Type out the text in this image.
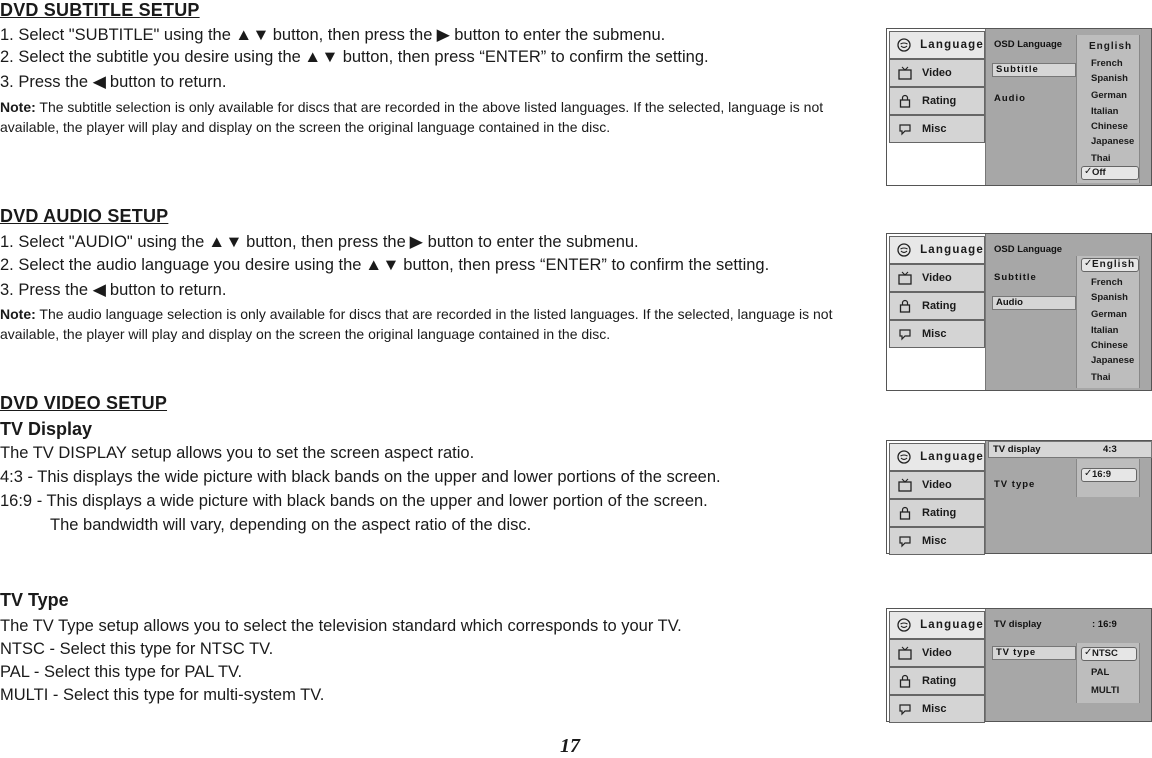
DVD SUBTITLE SETUP
1. Select "SUBTITLE" using the ▲▼ button, then press the ▶ button to enter the submenu.
2. Select the subtitle you desire using the ▲▼ button, then press “ENTER” to confirm the setting.
3. Press the ◀ button to return.
Note: The subtitle selection is only available for discs that are recorded in the above listed languages. If the selected, language is not available, the player will play and display on the screen the original language contained in the disc.
DVD AUDIO SETUP
1. Select "AUDIO" using the ▲▼ button, then press the ▶ button to enter the submenu.
2. Select the audio language you desire using the ▲▼ button, then press “ENTER” to confirm the setting.
3. Press the ◀ button to return.
Note: The audio language selection is only available for discs that are recorded in the listed languages. If the selected, language is not available, the player will play and display on the screen the original language contained in the disc.
DVD VIDEO SETUP
TV Display
The TV DISPLAY setup allows you to set the screen aspect ratio.
4:3 - This displays the wide picture with black bands on the upper and lower portions of the screen.
16:9 - This displays a wide picture with black bands on the upper and lower portion of the screen.
The bandwidth will vary, depending on the aspect ratio of the disc.
TV Type
The TV Type setup allows you to select the television standard which corresponds to your TV.
NTSC - Select this type for NTSC TV.
PAL - Select this type for PAL TV.
MULTI - Select this type for multi-system TV.
17
Language
Video
Rating
Misc
OSD Language
Subtitle
Audio
English
French
Spanish
German
Italian
Chinese
Japanese
Thai
✓ Off
Language
Video
Rating
Misc
OSD Language
Subtitle
Audio
✓
English
French
Spanish
German
Italian
Chinese
Japanese
Thai
Language
Video
Rating
Misc
TV display	4:3
TV type
✓ 16:9
Language
Video
Rating
Misc
TV display	: 16:9
TV type	✓ NTSC
PAL
MULTI
